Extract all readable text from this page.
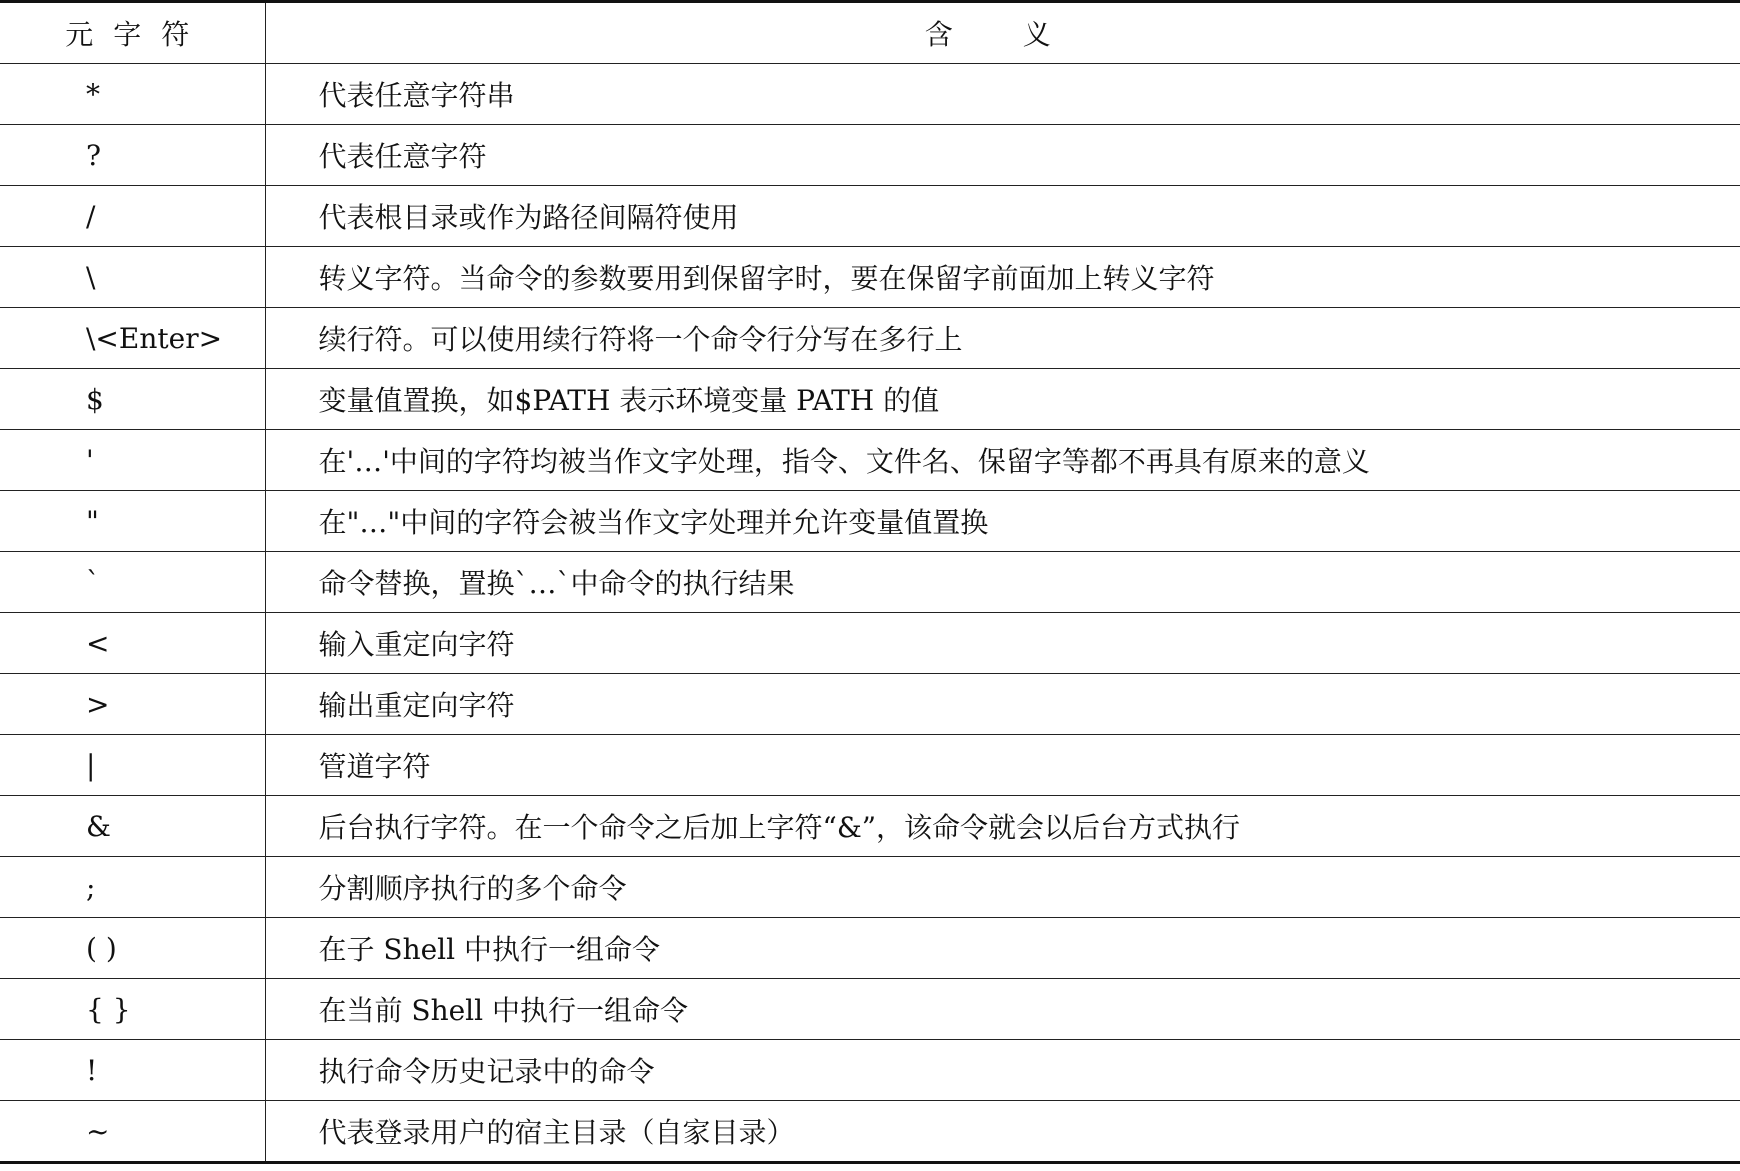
元字符	含义
*	代表任意字符串
?	代表任意字符
/	代表根目录或作为路径间隔符使用
\	转义字符。当命令的参数要用到保留字时，要在保留字前面加上转义字符
\<Enter>	续行符。可以使用续行符将一个命令行分写在多行上
$	变量值置换，如$PATH 表示环境变量 PATH 的值
'	在'…'中间的字符均被当作文字处理，指令、文件名、保留字等都不再具有原来的意义
"	在"…"中间的字符会被当作文字处理并允许变量值置换
`	命令替换，置换`…`中命令的执行结果
<	输入重定向字符
>	输出重定向字符
|	管道字符
&	后台执行字符。在一个命令之后加上字符“&”，该命令就会以后台方式执行
;	分割顺序执行的多个命令
( )	在子 Shell 中执行一组命令
{ }	在当前 Shell 中执行一组命令
!	执行命令历史记录中的命令
~	代表登录用户的宿主目录（自家目录）
